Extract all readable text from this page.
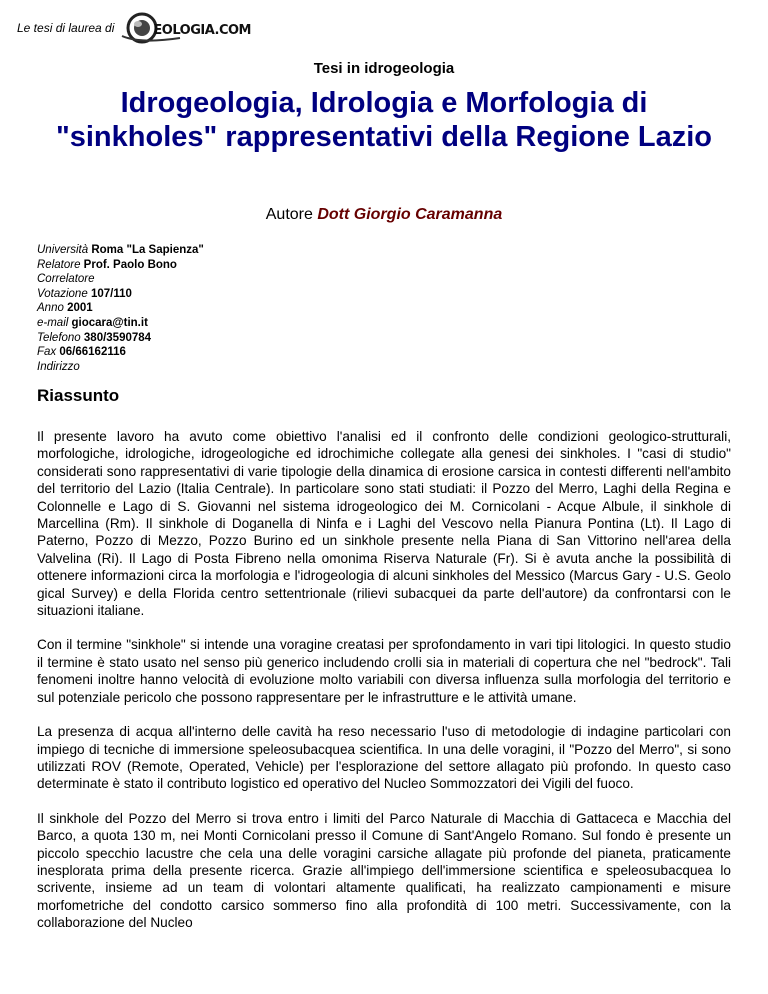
Le tesi di laurea di	EOLOGIA.COM
Tesi in idrogeologia
Idrogeologia, Idrologia e Morfologia di "sinkholes" rappresentativi della Regione Lazio
Autore Dott Giorgio Caramanna
Università Roma "La Sapienza"
Relatore Prof. Paolo Bono
Correlatore
Votazione 107/110
Anno 2001
e-mail giocara@tin.it
Telefono 380/3590784
Fax 06/66162116
Indirizzo
Riassunto

Il presente lavoro ha avuto come obiettivo l'analisi ed il confronto delle condizioni geologico-strutturali, morfologiche, idrologiche, idrogeologiche ed idrochimiche collegate alla genesi dei sinkholes. I "casi di studio" considerati sono rappresentativi di varie tipologie della dinamica di erosione carsica in contesti differenti nell'ambito del territorio del Lazio (Italia Centrale). In particolare sono stati studiati: il Pozzo del Merro, Laghi della Regina e Colonnelle e Lago di S. Giovanni nel sistema idrogeologico dei M. Cornicolani - Acque Albule, il sinkhole di Marcellina (Rm). Il sinkhole di Doganella di Ninfa e i Laghi del Vescovo nella Pianura Pontina (Lt). Il Lago di Paterno, Pozzo di Mezzo, Pozzo Burino ed un sinkhole presente nella Piana di San Vittorino nell'area della Valvelina (Ri). Il Lago di Posta Fibreno nella omonima Riserva Naturale (Fr). Si è avuta anche la possibilità di ottenere informazioni circa la morfologia e l'idrogeologia di alcuni sinkholes del Messico (Marcus Gary - U.S. Geolo gical Survey) e della Florida centro settentrionale (rilievi subacquei da parte dell'autore) da confrontarsi con le situazioni italiane.

Con il termine "sinkhole" si intende una voragine creatasi per sprofondamento in vari tipi litologici. In questo studio il termine è stato usato nel senso più generico includendo crolli sia in materiali di copertura che nel "bedrock". Tali fenomeni inoltre hanno velocità di evoluzione molto variabili con diversa influenza sulla morfologia del territorio e sul potenziale pericolo che possono rappresentare per le infrastrutture e le attività umane.

La presenza di acqua all'interno delle cavità ha reso necessario l'uso di metodologie di indagine particolari con impiego di tecniche di immersione speleosubacquea scientifica. In una delle voragini, il "Pozzo del Merro", si sono utilizzati ROV (Remote, Operated, Vehicle) per l'esplorazione del settore allagato più profondo. In questo caso determinate è stato il contributo logistico ed operativo del Nucleo Sommozzatori dei Vigili del fuoco.

Il sinkhole del Pozzo del Merro si trova entro i limiti del Parco Naturale di Macchia di Gattaceca e Macchia del Barco, a quota 130 m, nei Monti Cornicolani presso il Comune di Sant'Angelo Romano. Sul fondo è presente un piccolo specchio lacustre che cela una delle voragini carsiche allagate più profonde del pianeta, praticamente inesplorata prima della presente ricerca. Grazie all'impiego dell'immersione scientifica e speleosubacquea lo scrivente, insieme ad un team di volontari altamente qualificati, ha realizzato campionamenti e misure morfometriche del condotto carsico sommerso fino alla profondità di 100 metri. Successivamente, con la collaborazione del Nucleo
